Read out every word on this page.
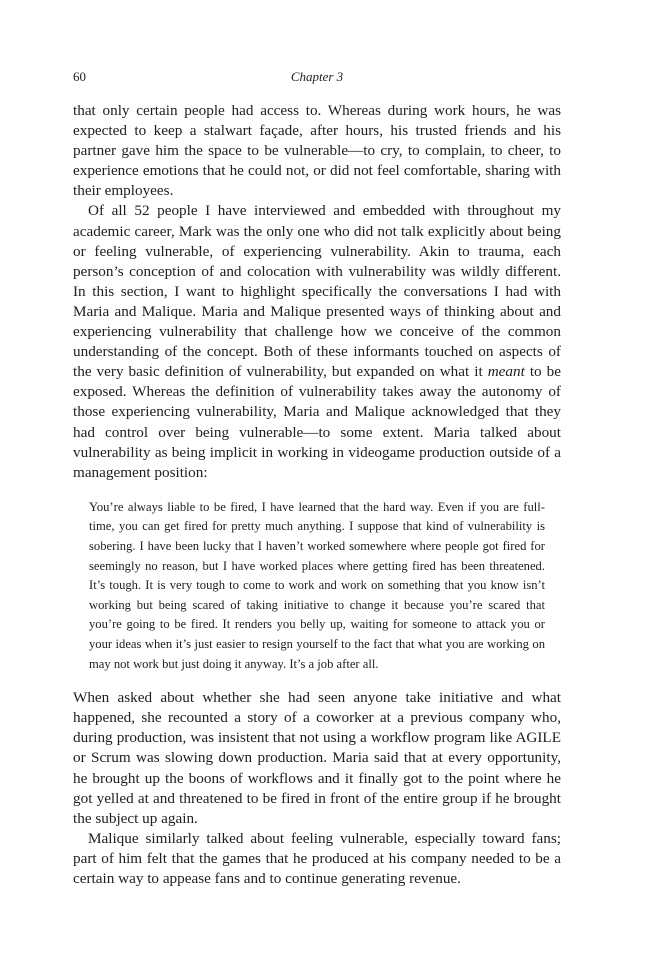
60	Chapter 3

that only certain people had access to. Whereas during work hours, he was expected to keep a stalwart façade, after hours, his trusted friends and his partner gave him the space to be vulnerable—to cry, to complain, to cheer, to experience emotions that he could not, or did not feel comfortable, sharing with their employees.

Of all 52 people I have interviewed and embedded with throughout my academic career, Mark was the only one who did not talk explicitly about being or feeling vulnerable, of experiencing vulnerability. Akin to trauma, each person’s conception of and colocation with vulnerability was wildly different. In this section, I want to highlight specifically the conversations I had with Maria and Malique. Maria and Malique presented ways of thinking about and experiencing vulnerability that challenge how we conceive of the common understanding of the concept. Both of these informants touched on aspects of the very basic definition of vulnerability, but expanded on what it meant to be exposed. Whereas the definition of vulnerability takes away the autonomy of those experiencing vulnerability, Maria and Malique acknowledged that they had control over being vulnerable—to some extent. Maria talked about vulnerability as being implicit in working in videogame production outside of a management position:

You’re always liable to be fired, I have learned that the hard way. Even if you are full-time, you can get fired for pretty much anything. I suppose that kind of vulnerability is sobering. I have been lucky that I haven’t worked somewhere where people got fired for seemingly no reason, but I have worked places where getting fired has been threatened. It’s tough. It is very tough to come to work and work on something that you know isn’t working but being scared of taking initiative to change it because you’re scared that you’re going to be fired. It renders you belly up, waiting for someone to attack you or your ideas when it’s just easier to resign yourself to the fact that what you are working on may not work but just doing it anyway. It’s a job after all.

When asked about whether she had seen anyone take initiative and what happened, she recounted a story of a coworker at a previous company who, during production, was insistent that not using a workflow program like AGILE or Scrum was slowing down production. Maria said that at every opportunity, he brought up the boons of workflows and it finally got to the point where he got yelled at and threatened to be fired in front of the entire group if he brought the subject up again.

Malique similarly talked about feeling vulnerable, especially toward fans; part of him felt that the games that he produced at his company needed to be a certain way to appease fans and to continue generating revenue.
